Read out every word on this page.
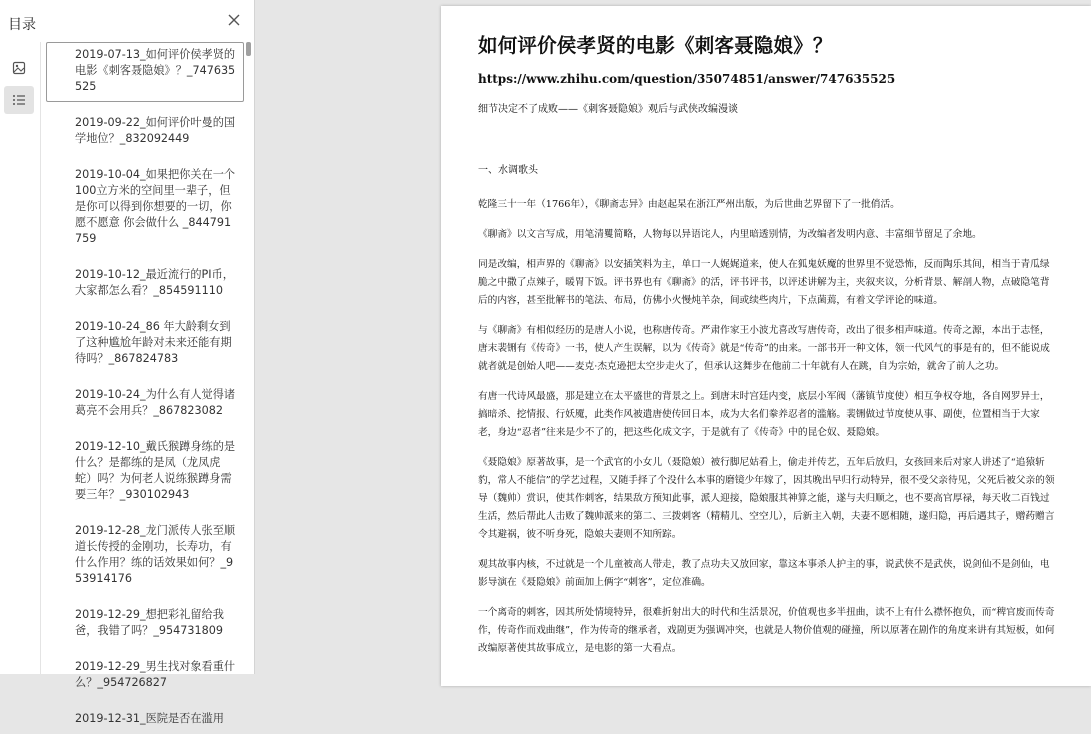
目录
2019-07-13_如何评价侯孝贤的电影《刺客聂隐娘》？_747635525
2019-09-22_如何评价叶曼的国学地位？_832092449
2019-10-04_如果把你关在一个100立方米的空间里一辈子，但是你可以得到你想要的一切，你愿不愿意 你会做什么 _844791759
2019-10-12_最近流行的PI币，大家都怎么看？_854591110
2019-10-24_86 年大龄剩女到了这种尴尬年龄对未来还能有期待吗？_867824783
2019-10-24_为什么有人觉得诸葛亮不会用兵？_867823082
2019-12-10_戴氏猴蹲身练的是什么？是都练的是凤（龙凤虎蛇）吗？为何老人说练猴蹲身需要三年？_930102943
2019-12-28_龙门派传人张至顺道长传授的金刚功，长寿功，有什么作用？练的话效果如何？_953914176
2019-12-29_想把彩礼留给我爸，我错了吗？_954731809
2019-12-29_男生找对象看重什么？_954726827
2019-12-31_医院是否在滥用
如何评价侯孝贤的电影《刺客聂隐娘》？
https://www.zhihu.com/question/35074851/answer/747635525
细节决定不了成败——《刺客聂隐娘》观后与武侠改编漫谈
一、水调歌头

乾隆三十一年（1766年），《聊斋志异》由赵起杲在浙江严州出版，为后世曲艺界留下了一批俏活。

《聊斋》以文言写成，用笔清矍简略，人物每以异语诧人，内里暗透别情，为改编者发明内意、丰富细节留足了余地。

同是改编，相声界的《聊斋》以安插笑料为主，单口一人娓娓道来，使人在狐鬼妖魔的世界里不觉恐怖，反而陶乐其间，相当于青瓜绿脆之中撒了点辣子，暖胃下饭。评书界也有《聊斋》的活，评书评书，以评述讲解为主，夹叙夹议，分析背景、解剖人物，点破隐笔背后的内容，甚至批解书的笔法、布局，仿佛小火慢炖羊杂，间或续些肉片，下点菌蔫，有着文学评论的味道。

与《聊斋》有相似经历的是唐人小说，也称唐传奇。严肃作家王小波尤喜改写唐传奇，改出了很多相声味道。传奇之源，本出于志怪，唐末裴铏有《传奇》一书，使人产生误解，以为《传奇》就是“传奇”的由来。一部书开一种文体，领一代风气的事是有的，但不能说成就者就是创始人吧——麦克·杰克逊把太空步走火了，但承认这舞步在他前二十年就有人在跳，自为宗始，就舍了前人之功。

有唐一代诗风最盛，那是建立在太平盛世的背景之上。到唐末时宫廷内变，底层小军阀（藩镇节度使）相互争权夺地，各自网罗异士，搞暗杀、挖情报、行妖魇，此类作风被遣唐使传回日本，成为大名们豢养忍者的滥觞。裴铏做过节度使从事、副使，位置相当于大家老，身边“忍者”往来是少不了的，把这些化成文字，于是就有了《传奇》中的昆仑奴、聂隐娘。

《聂隐娘》原著故事，是一个武官的小女儿（聂隐娘）被行脚尼姑看上，偷走并传艺，五年后放归，女孩回来后对家人讲述了“追猿斩豹，常人不能信”的学艺过程，又随手择了个没什么本事的磨镜少年嫁了，因其晚出早归行动特异，很不受父亲待见，父死后被父亲的领导（魏帅）赏识，使其作刺客，结果敌方预知此事，派人迎接，隐娘服其神算之能，遂与夫归顺之，也不要高官厚禄，每天收二百钱过生活，然后帮此人击败了魏帅派来的第二、三拨刺客（精精儿、空空儿），后新主入朝，夫妻不愿相随，遂归隐，再后遇其子，赠药赠言令其避祸，彼不听身死，隐娘夫妻则不知所踪。

观其故事内核，不过就是一个儿童被高人带走，教了点功夫又放回家，靠这本事杀人护主的事，说武侠不是武侠，说剑仙不是剑仙，电影导演在《聂隐娘》前面加上俩字“刺客”，定位准确。

一个离奇的刺客，因其所处情境特异，很难折射出大的时代和生活景况，价值观也多半扭曲，读不上有什么襟怀抱负，而“稗官废而传奇作，传奇作而戏曲继”，作为传奇的继承者，戏剧更为强调冲突，也就是人物价值观的碰撞，所以原著在剧作的角度来讲有其短板，如何改编原著使其故事成立，是电影的第一大看点。
